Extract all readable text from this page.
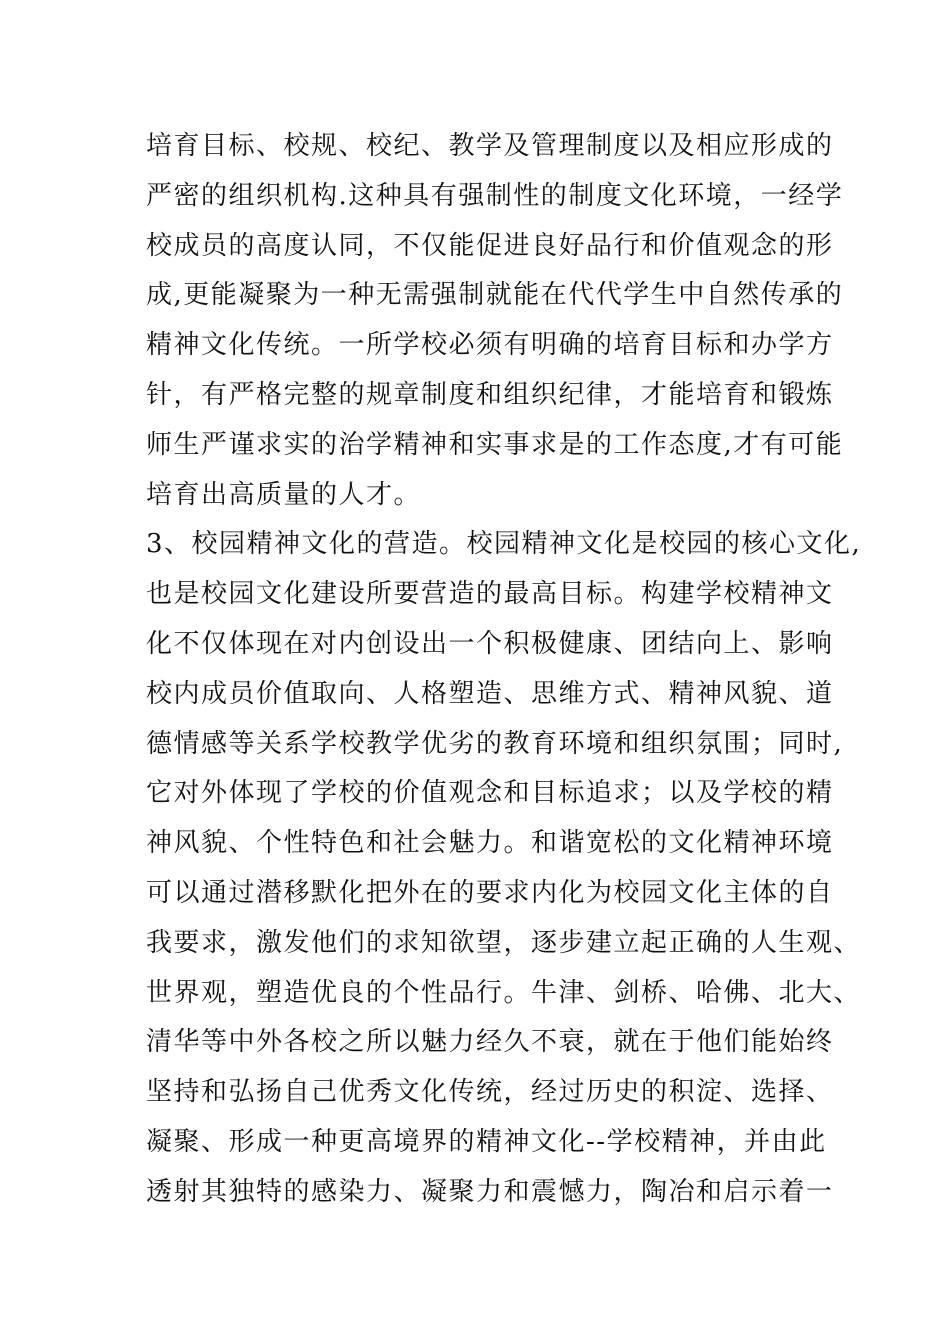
培育目标、校规、校纪、教学及管理制度以及相应形成的
严密的组织机构.这种具有强制性的制度文化环境，一经学
校成员的高度认同，不仅能促进良好品行和价值观念的形
成,更能凝聚为一种无需强制就能在代代学生中自然传承的
精神文化传统。一所学校必须有明确的培育目标和办学方
针，有严格完整的规章制度和组织纪律，才能培育和锻炼
师生严谨求实的治学精神和实事求是的工作态度,才有可能
培育出高质量的人才。
3、校园精神文化的营造。校园精神文化是校园的核心文化,
也是校园文化建设所要营造的最高目标。构建学校精神文
化不仅体现在对内创设出一个积极健康、团结向上、影响
校内成员价值取向、人格塑造、思维方式、精神风貌、道
德情感等关系学校教学优劣的教育环境和组织氛围；同时,
它对外体现了学校的价值观念和目标追求；以及学校的精
神风貌、个性特色和社会魅力。和谐宽松的文化精神环境
可以通过潜移默化把外在的要求内化为校园文化主体的自
我要求，激发他们的求知欲望，逐步建立起正确的人生观、
世界观，塑造优良的个性品行。牛津、剑桥、哈佛、北大、
清华等中外各校之所以魅力经久不衰，就在于他们能始终
坚持和弘扬自己优秀文化传统，经过历史的积淀、选择、
凝聚、形成一种更高境界的精神文化--学校精神，并由此
透射其独特的感染力、凝聚力和震憾力，陶冶和启示着一
